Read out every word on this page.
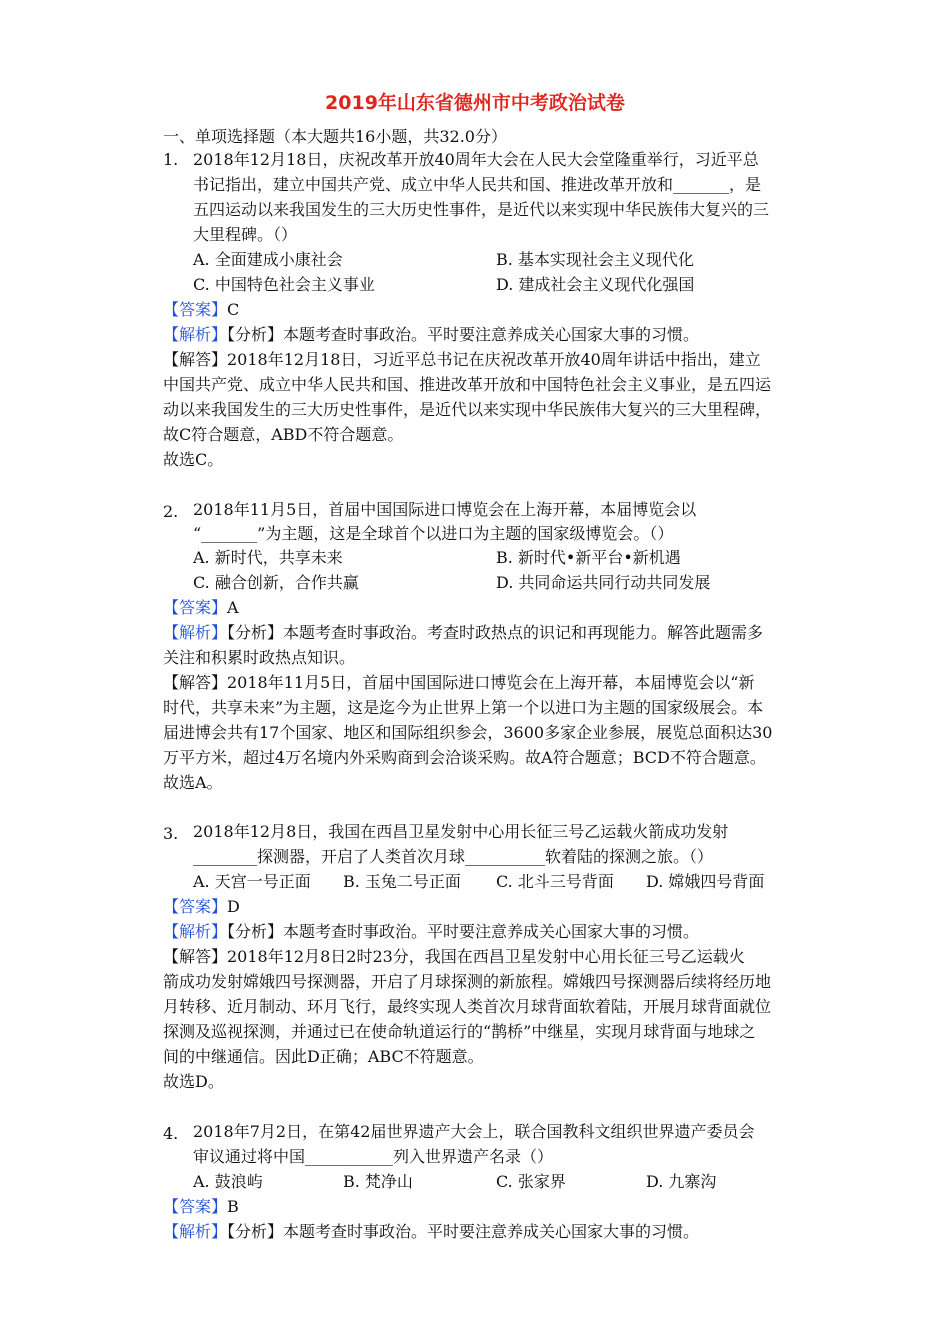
2019年山东省德州市中考政治试卷
一、单项选择题（本大题共16小题，共32.0分）
1. 2018年12月18日，庆祝改革开放40周年大会在人民大会堂隆重举行，习近平总
书记指出，建立中国共产党、成立中华人民共和国、推进改革开放和_______，是
五四运动以来我国发生的三大历史性事件，是近代以来实现中华民族伟大复兴的三
大里程碑。（）
A. 全面建成小康社会	B. 基本实现社会主义现代化
C. 中国特色社会主义事业	D. 建成社会主义现代化强国
【答案】C
【解析】【分析】本题考查时事政治。平时要注意养成关心国家大事的习惯。
【解答】2018年12月18日，习近平总书记在庆祝改革开放40周年讲话中指出，建立
中国共产党、成立中华人民共和国、推进改革开放和中国特色社会主义事业，是五四运
动以来我国发生的三大历史性事件，是近代以来实现中华民族伟大复兴的三大里程碑，
故C符合题意，ABD不符合题意。
故选C。
2. 2018年11月5日，首届中国国际进口博览会在上海开幕，本届博览会以
“_______”为主题，这是全球首个以进口为主题的国家级博览会。（）
A. 新时代，共享未来	B. 新时代•新平台•新机遇
C. 融合创新，合作共赢	D. 共同命运共同行动共同发展
【答案】A
【解析】【分析】本题考查时事政治。考查时政热点的识记和再现能力。解答此题需多
关注和积累时政热点知识。
【解答】2018年11月5日，首届中国国际进口博览会在上海开幕，本届博览会以“新
时代，共享未来”为主题，这是迄今为止世界上第一个以进口为主题的国家级展会。本
届进博会共有17个国家、地区和国际组织参会，3600多家企业参展，展览总面积达30
万平方米，超过4万名境内外采购商到会洽谈采购。故A符合题意；BCD不符合题意。
故选A。
3. 2018年12月8日，我国在西昌卫星发射中心用长征三号乙运载火箭成功发射
________探测器，开启了人类首次月球__________软着陆的探测之旅。（）
A. 天宫一号正面 B. 玉兔二号正面 C. 北斗三号背面 D. 嫦娥四号背面
【答案】D
【解析】【分析】本题考查时事政治。平时要注意养成关心国家大事的习惯。
【解答】2018年12月8日2时23分，我国在西昌卫星发射中心用长征三号乙运载火
箭成功发射嫦娥四号探测器，开启了月球探测的新旅程。嫦娥四号探测器后续将经历地
月转移、近月制动、环月飞行，最终实现人类首次月球背面软着陆，开展月球背面就位
探测及巡视探测，并通过已在使命轨道运行的“鹊桥”中继星，实现月球背面与地球之
间的中继通信。因此D正确；ABC不符题意。
故选D。
4. 2018年7月2日，在第42届世界遗产大会上，联合国教科文组织世界遗产委员会
审议通过将中国___________列入世界遗产名录（）
A. 鼓浪屿	B. 梵净山	C. 张家界	D. 九寨沟
【答案】B
【解析】【分析】本题考查时事政治。平时要注意养成关心国家大事的习惯。
